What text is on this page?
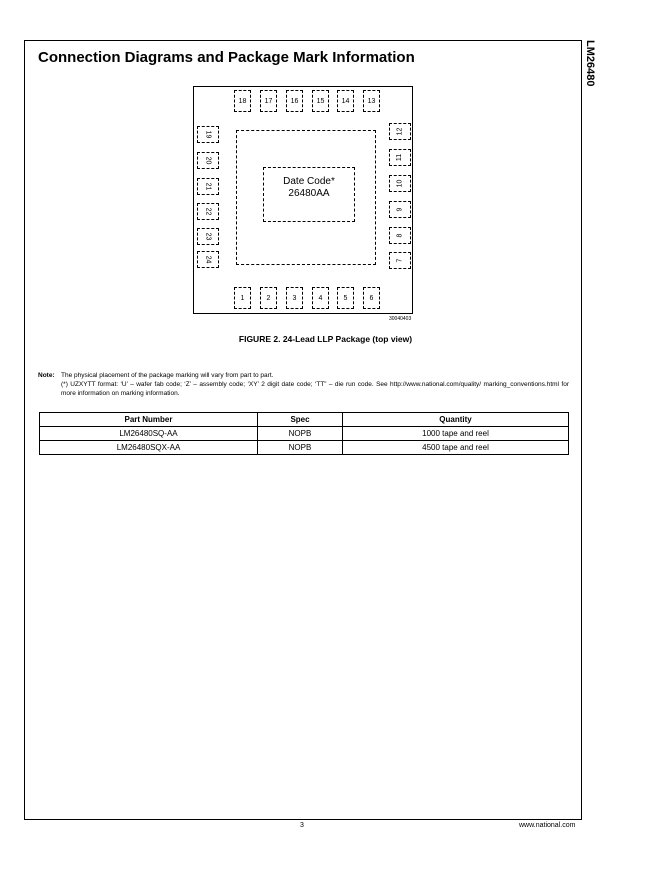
LM26480
Connection Diagrams and Package Mark Information
18	17	16	15 14	13
1	2	3	4	5	6
19
20
21
22
23
24
12
11
10
9
8
7
Date Code*
26480AA
30040403
FIGURE 2. 24-Lead LLP Package (top view)
Note: The physical placement of the package marking will vary from part to part.
(*) UZXYTT format: ‘U’ – wafer fab code; ‘Z’ – assembly code; ‘XY’ 2 digit date code; ‘TT” – die run code. See http://www.national.com/quality/ marking_conventions.html for more information on marking information.
Part Number	Spec	Quantity
LM26480SQ-AA	NOPB	1000 tape and reel
LM26480SQX-AA	NOPB	4500 tape and reel
3	www.national.com
